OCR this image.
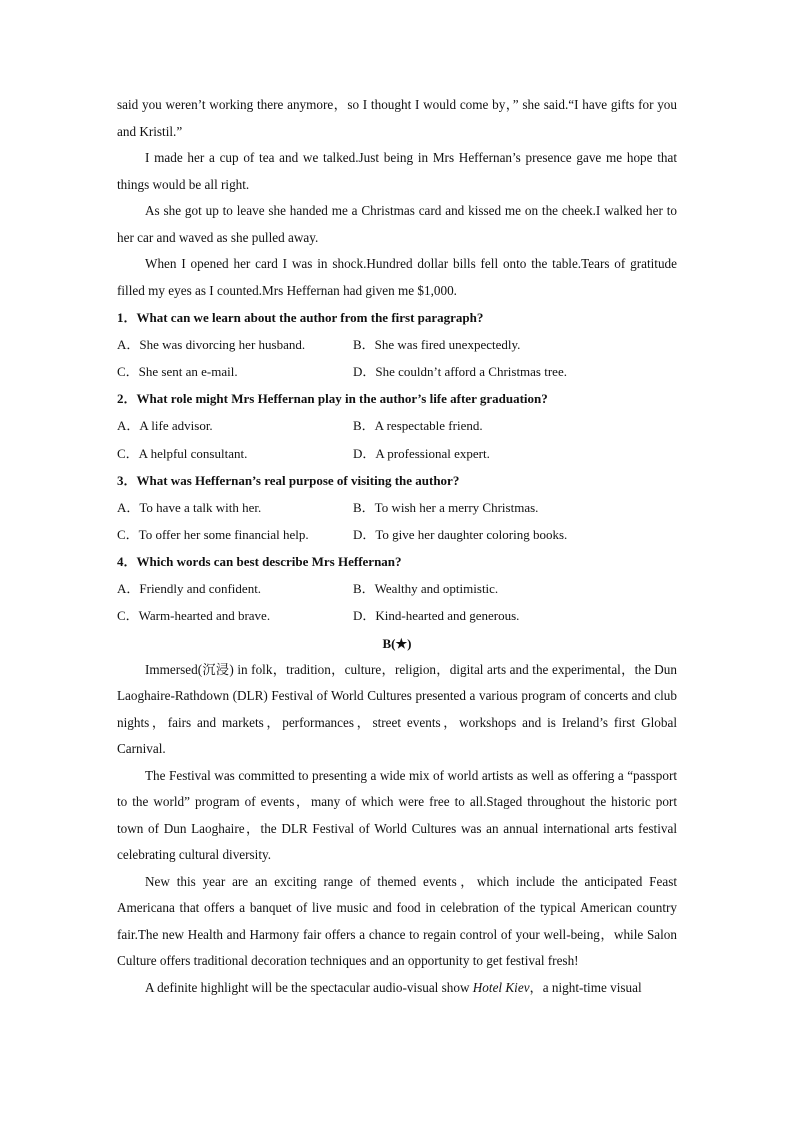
said you weren’t working there anymore，so I thought I would come by，” she said.“I have gifts for you and Kristil.”

I made her a cup of tea and we talked.Just being in Mrs Heffernan’s presence gave me hope that things would be all right.

As she got up to leave she handed me a Christmas card and kissed me on the cheek.I walked her to her car and waved as she pulled away.

When I opened her card I was in shock.Hundred dollar bills fell onto the table.Tears of gratitude filled my eyes as I counted.Mrs Heffernan had given me $1,000.

1．What can we learn about the author from the first paragraph?
A．She was divorcing her husband.	B．She was fired unexpectedly.
C．She sent an e-mail.	D．She couldn’t afford a Christmas tree.
2．What role might Mrs Heffernan play in the author’s life after graduation?
A．A life advisor.	B．A respectable friend.
C．A helpful consultant.	D．A professional expert.
3．What was Heffernan’s real purpose of visiting the author?
A．To have a talk with her.	B．To wish her a merry Christmas.
C．To offer her some financial help.	D．To give her daughter coloring books.
4．Which words can best describe Mrs Heffernan?
A．Friendly and confident.	B．Wealthy and optimistic.
C．Warm-hearted and brave.	D．Kind-hearted and generous.
B(★)

Immersed(沉浸) in folk，tradition，culture，religion，digital arts and the experimental，the Dun Laoghaire-Rathdown (DLR) Festival of World Cultures presented a various program of concerts and club nights，fairs and markets，performances，street events，workshops and is Ireland’s first Global Carnival.

The Festival was committed to presenting a wide mix of world artists as well as offering a “passport to the world” program of events，many of which were free to all.Staged throughout the historic port town of Dun Laoghaire，the DLR Festival of World Cultures was an annual international arts festival celebrating cultural diversity.

New this year are an exciting range of themed events，which include the anticipated Feast Americana that offers a banquet of live music and food in celebration of the typical American country fair.The new Health and Harmony fair offers a chance to regain control of your well-being，while Salon Culture offers traditional decoration techniques and an opportunity to get festival fresh!

A definite highlight will be the spectacular audio-visual show Hotel Kiev，a night-time visual
